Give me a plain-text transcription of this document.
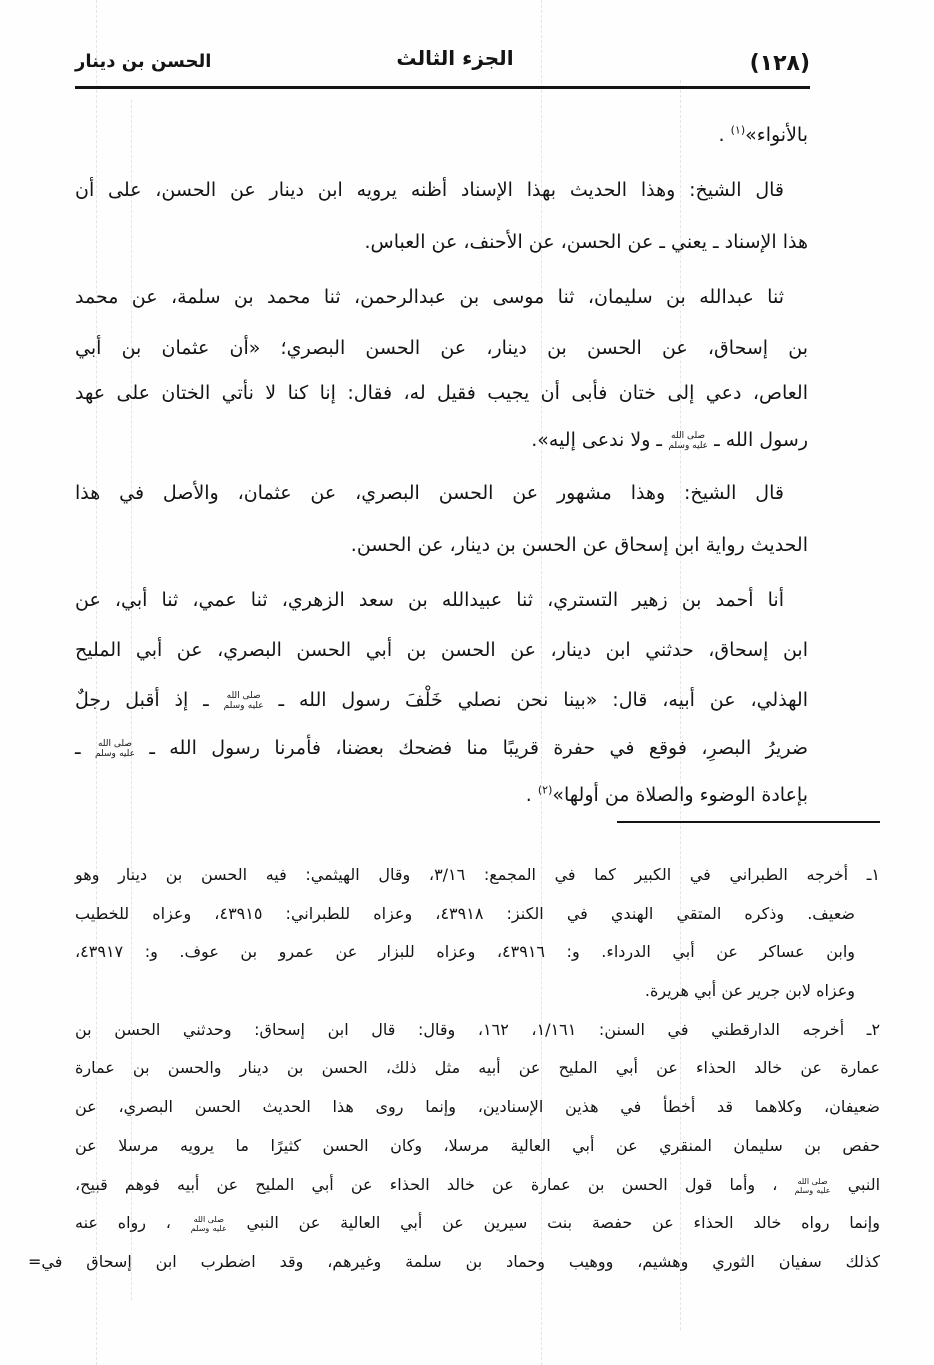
(١٢٨)
الجزء الثالث
الحسن بن دينار
بالأنواء»$^{(١)}$ .
قال الشيخ: وهذا الحديث بهذا الإسناد أظنه يرويه ابن دينار عن الحسن، على أن
هذا الإسناد ـ يعني ـ عن الحسن، عن الأحنف، عن العباس.
ثنا عبدالله بن سليمان، ثنا موسى بن عبدالرحمن، ثنا محمد بن سلمة، عن محمد
بن إسحاق، عن الحسن بن دينار، عن الحسن البصري؛ «أن عثمان بن أبي
العاص، دعي إلى ختان فأبى أن يجيب فقيل له، فقال: إنا كنا لا نأتي الختان على عهد
رسول الله ـ صلى الله عليه وسلم ـ ولا ندعى إليه».
قال الشيخ: وهذا مشهور عن الحسن البصري، عن عثمان، والأصل في هذا
الحديث رواية ابن إسحاق عن الحسن بن دينار، عن الحسن.
أنا أحمد بن زهير التستري، ثنا عبيدالله بن سعد الزهري، ثنا عمي، ثنا أبي، عن
ابن إسحاق، حدثني ابن دينار، عن الحسن بن أبي الحسن البصري، عن أبي المليح
الهذلي، عن أبيه، قال: «بينا نحن نصلي خَلْفَ رسول الله ـ صلى الله عليه وسلم ـ إذ أقبل رجلٌ
ضريرُ البصرِ، فوقع في حفرة قريبًا منا فضحك بعضنا، فأمرنا رسول الله ـ صلى الله عليه وسلم ـ
بإعادة الوضوء والصلاة من أولها»$^{(٢)}$ .
١ـ أخرجه الطبراني في الكبير كما في المجمع: ٣/١٦، وقال الهيثمي: فيه الحسن بن دينار وهو
ضعيف. وذكره المتقي الهندي في الكنز: ٤٣٩١٨، وعزاه للطبراني: ٤٣٩١٥، وعزاه للخطيب
وابن عساكر عن أبي الدرداء. و: ٤٣٩١٦، وعزاه للبزار عن عمرو بن عوف. و: ٤٣٩١٧،
وعزاه لابن جرير عن أبي هريرة.
٢ـ أخرجه الدارقطني في السنن: ١/١٦١، ١٦٢، وقال: قال ابن إسحاق: وحدثني الحسن بن
عمارة عن خالد الحذاء عن أبي المليح عن أبيه مثل ذلك، الحسن بن دينار والحسن بن عمارة
ضعيفان، وكلاهما قد أخطأ في هذين الإسنادين، وإنما روى هذا الحديث الحسن البصري، عن
حفص بن سليمان المنقري عن أبي العالية مرسلا، وكان الحسن كثيرًا ما يرويه مرسلا عن
النبي صلى الله عليه وسلم ، وأما قول الحسن بن عمارة عن خالد الحذاء عن أبي المليح عن أبيه فوهم قبيح،
وإنما رواه خالد الحذاء عن حفصة بنت سيرين عن أبي العالية عن النبي صلى الله عليه وسلم ، رواه عنه
كذلك سفيان الثوري وهشيم، ووهيب وحماد بن سلمة وغيرهم، وقد اضطرب ابن إسحاق في=
